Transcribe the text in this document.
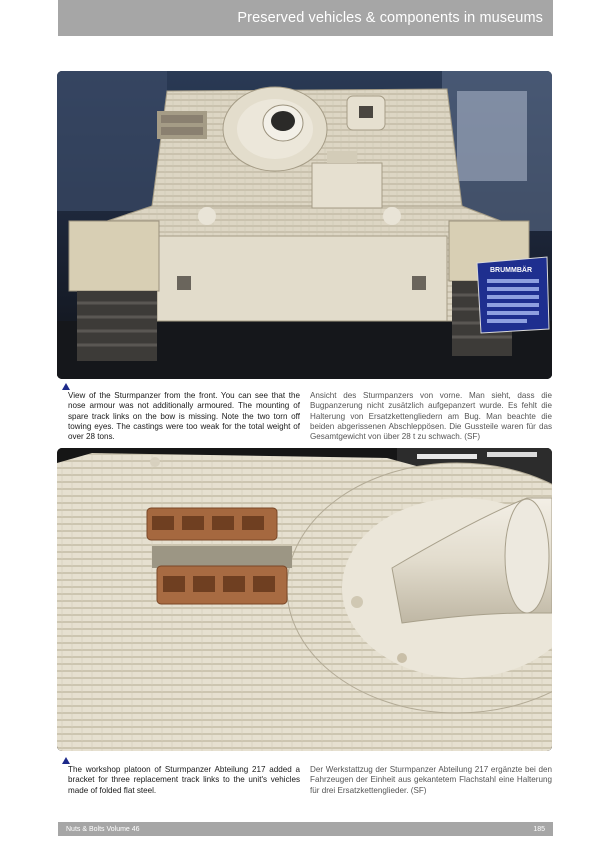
Preserved vehicles & components in museums
BRUMMBÄR

View of the Sturmpanzer from the front. You can see that the nose armour was not additionally armoured. The mounting of spare track links on the bow is missing. Note the two torn off towing eyes. The castings were too weak for the total weight of over 28 tons.

Ansicht des Sturmpanzers von vorne. Man sieht, dass die Bugpanzerung nicht zusätzlich aufgepanzert wurde. Es fehlt die Halterung von Ersatzkettengliedern am Bug. Man beachte die beiden abgerissenen Abschleppösen. Die Gussteile waren für das Gesamtgewicht von über 28 t zu schwach. (SF)

The workshop platoon of Sturmpanzer Abteilung 217 added a bracket for three replacement track links to the unit's vehicles made of folded flat steel.

Der Werkstattzug der Sturmpanzer Abteilung 217 ergänzte bei den Fahrzeugen der Einheit aus gekantetem Flachstahl eine Halterung für drei Ersatzkettenglieder. (SF)

Nuts & Bolts Volume 46	185
